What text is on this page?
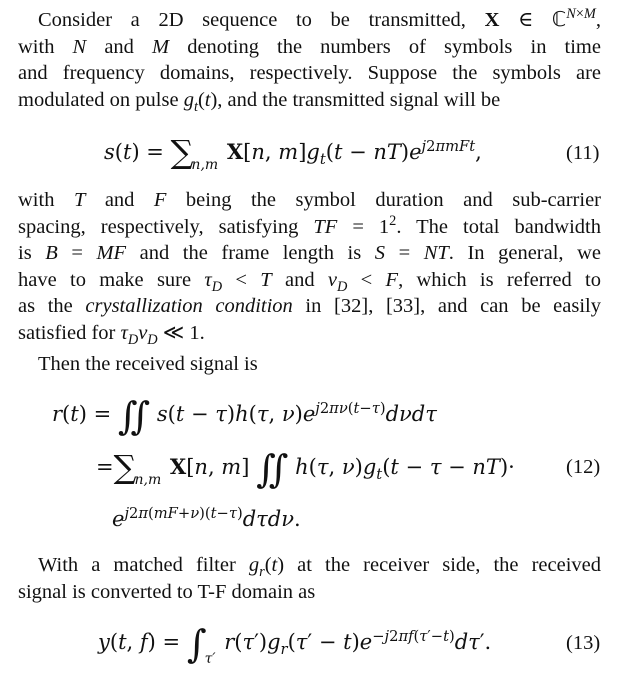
Consider a 2D sequence to be transmitted, X ∈ ℂ$^{N\times M}$,
with N and M denoting the numbers of symbols in time
and frequency domains, respectively. Suppose the symbols are
modulated on pulse $g_t(t)$, and the transmitted signal will be
$s(t) = \sum_{n,m}$ X[n, $m]g_t(t - nT)e^{j2\pi mFt}$,	(11)
with T and F being the symbol duration and sub-carrier
spacing, respectively, satisfying TF = $1^2$. The total bandwidth
is B = MF and the frame length is S = NT. In general, we
have to make sure $\tau_D < T$ and $\nu_D < F$, which is referred to
as the crystallization condition in [32], [33], and can be easily
satisfied for $\tau_D\nu_D$ ≪ 1.
Then the received signal is
r(t) = ∬ s(t − τ)h(τ, $\nu)e^{j2\pi\nu(t-\tau)}d\nu d\tau$
$=\sum_{n,m}$ X[n, m] ∬ h(τ, $\nu)g_t(t - \tau - nT)\cdot$
$e^{j2\pi(mF+\nu)(t-\tau)}d\tau d\nu$.
(12)
With a matched filter $g_r(t)$ at the receiver side, the received
signal is converted to T-F domain as
y(t, $f) = \int_{\tau'}$ $r(\tau')g_r(\tau' - t)e^{-j2\pi f(\tau'-t)}d\tau'$.	(13)
